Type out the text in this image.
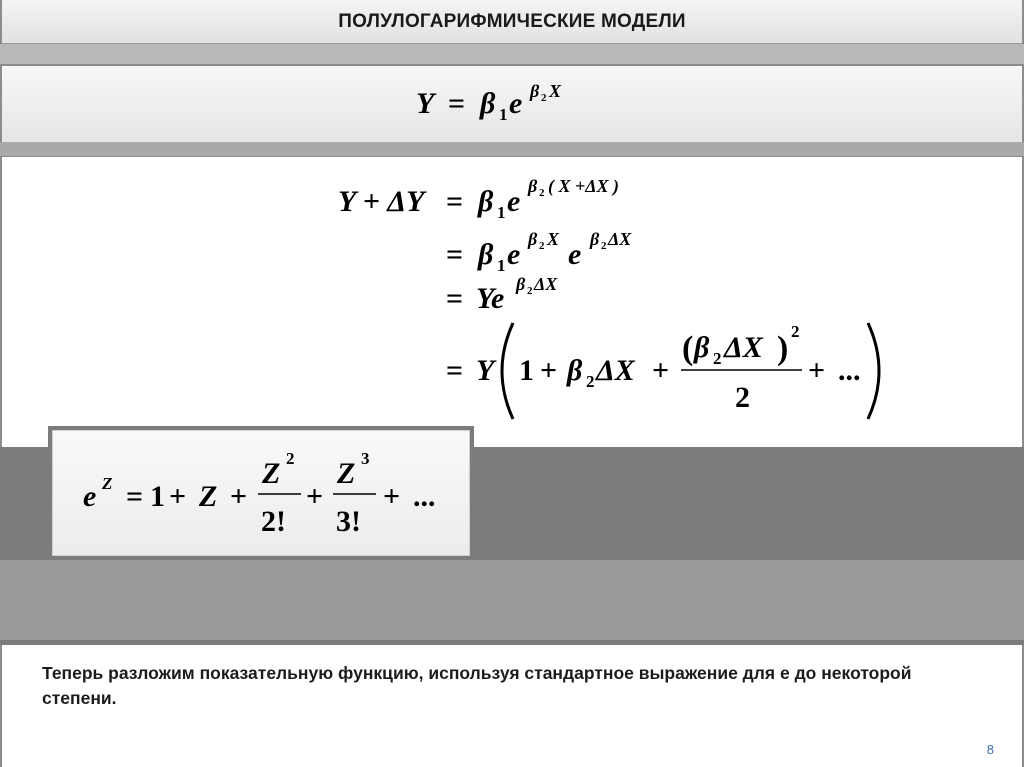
ПОЛУЛОГАРИФМИЧЕСКИЕ МОДЕЛИ
Y = β 1 e β 2 X
Y + ΔY = β 1 e β 2 ( X +ΔX )
= β 1 e β 2 X e β 2 ΔX
= Ye β 2 ΔX
= Y 1 + β 2 ΔX +
( β 2 ΔX ) 2
2
+ ...
e Z = 1 + Z +
Z 2
2!
+
Z 3
3!
+ ...
Теперь разложим показательную функцию, используя стандартное выражение для e до некоторой степени.
8
